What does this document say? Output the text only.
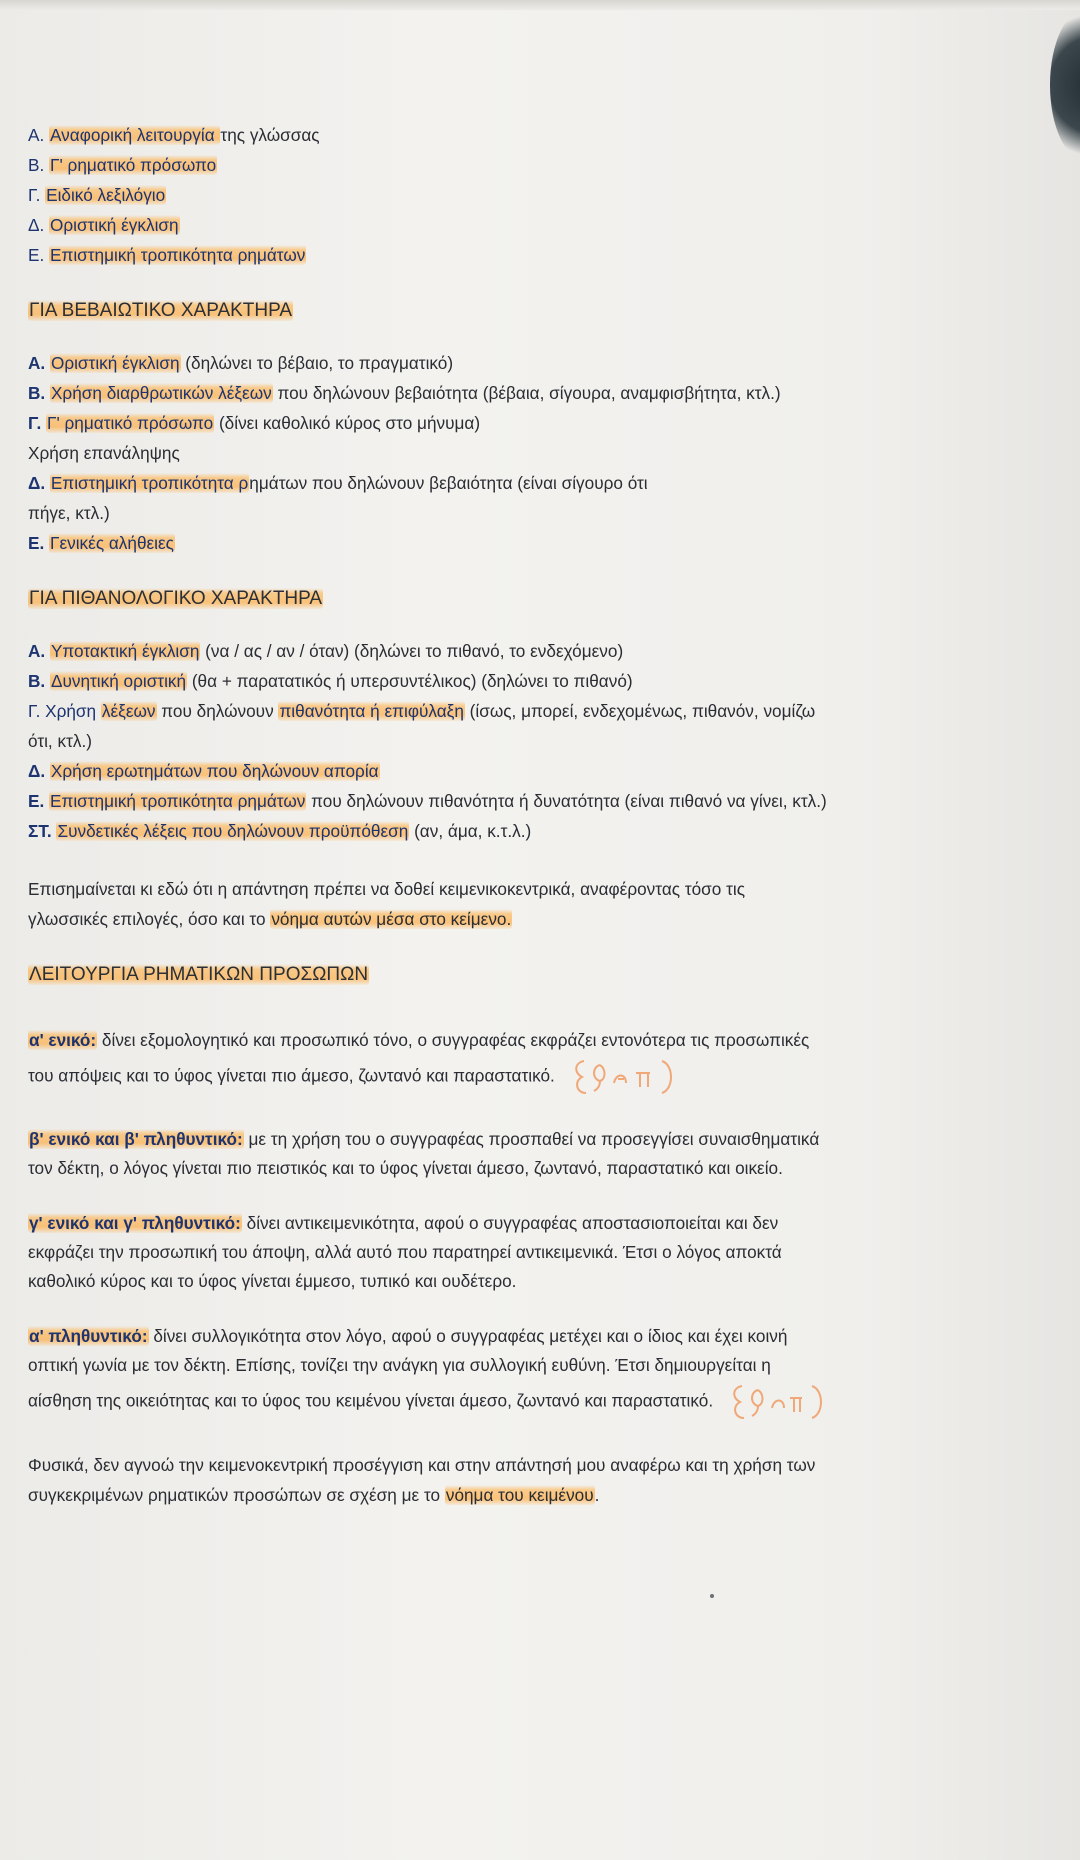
Α. Αναφορική λειτουργία της γλώσσας
Β. Γ' ρηματικό πρόσωπο
Γ. Ειδικό λεξιλόγιο
Δ. Οριστική έγκλιση
Ε. Επιστημική τροπικότητα ρημάτων
ΓΙΑ ΒΕΒΑΙΩΤΙΚΟ ΧΑΡΑΚΤΗΡΑ
Α. Οριστική έγκλιση (δηλώνει το βέβαιο, το πραγματικό)
Β. Χρήση διαρθρωτικών λέξεων που δηλώνουν βεβαιότητα (βέβαια, σίγουρα, αναμφισβήτητα, κτλ.)
Γ. Γ' ρηματικό πρόσωπο (δίνει καθολικό κύρος στο μήνυμα)
Χρήση επανάληψης
Δ. Επιστημική τροπικότητα ρημάτων που δηλώνουν βεβαιότητα (είναι σίγουρο ότι
πήγε, κτλ.)
Ε. Γενικές αλήθειες
ΓΙΑ ΠΙΘΑΝΟΛΟΓΙΚΟ ΧΑΡΑΚΤΗΡΑ
Α. Υποτακτική έγκλιση (να / ας / αν / όταν) (δηλώνει το πιθανό, το ενδεχόμενο)
Β. Δυνητική οριστική (θα + παρατατικός ή υπερσυντέλικος) (δηλώνει το πιθανό)
Γ. Χρήση λέξεων που δηλώνουν πιθανότητα ή επιφύλαξη (ίσως, μπορεί, ενδεχομένως, πιθανόν, νομίζω
ότι, κτλ.)
Δ. Χρήση ερωτημάτων που δηλώνουν απορία
Ε. Επιστημική τροπικότητα ρημάτων που δηλώνουν πιθανότητα ή δυνατότητα (είναι πιθανό να γίνει, κτλ.)
ΣΤ. Συνδετικές λέξεις που δηλώνουν προϋπόθεση (αν, άμα, κ.τ.λ.)
Επισημαίνεται κι εδώ ότι η απάντηση πρέπει να δοθεί κειμενικοκεντρικά, αναφέροντας τόσο τις
γλωσσικές επιλογές, όσο και το νόημα αυτών μέσα στο κείμενο.
ΛΕΙΤΟΥΡΓΙΑ ΡΗΜΑΤΙΚΩΝ ΠΡΟΣΩΠΩΝ
α' ενικό: δίνει εξομολογητικό και προσωπικό τόνο, ο συγγραφέας εκφράζει εντονότερα τις προσωπικές
του απόψεις και το ύφος γίνεται πιο άμεσο, ζωντανό και παραστατικό.
β' ενικό και β' πληθυντικό: με τη χρήση του ο συγγραφέας προσπαθεί να προσεγγίσει συναισθηματικά
τον δέκτη, ο λόγος γίνεται πιο πειστικός και το ύφος γίνεται άμεσο, ζωντανό, παραστατικό και οικείο.
γ' ενικό και γ' πληθυντικό: δίνει αντικειμενικότητα, αφού ο συγγραφέας αποστασιοποιείται και δεν
εκφράζει την προσωπική του άποψη, αλλά αυτό που παρατηρεί αντικειμενικά. Έτσι ο λόγος αποκτά
καθολικό κύρος και το ύφος γίνεται έμμεσο, τυπικό και ουδέτερο.
α' πληθυντικό: δίνει συλλογικότητα στον λόγο, αφού ο συγγραφέας μετέχει και ο ίδιος και έχει κοινή
οπτική γωνία με τον δέκτη. Επίσης, τονίζει την ανάγκη για συλλογική ευθύνη. Έτσι δημιουργείται η
αίσθηση της οικειότητας και το ύφος του κειμένου γίνεται άμεσο, ζωντανό και παραστατικό.
Φυσικά, δεν αγνοώ την κειμενοκεντρική προσέγγιση και στην απάντησή μου αναφέρω και τη χρήση των
συγκεκριμένων ρηματικών προσώπων σε σχέση με το νόημα του κειμένου.
